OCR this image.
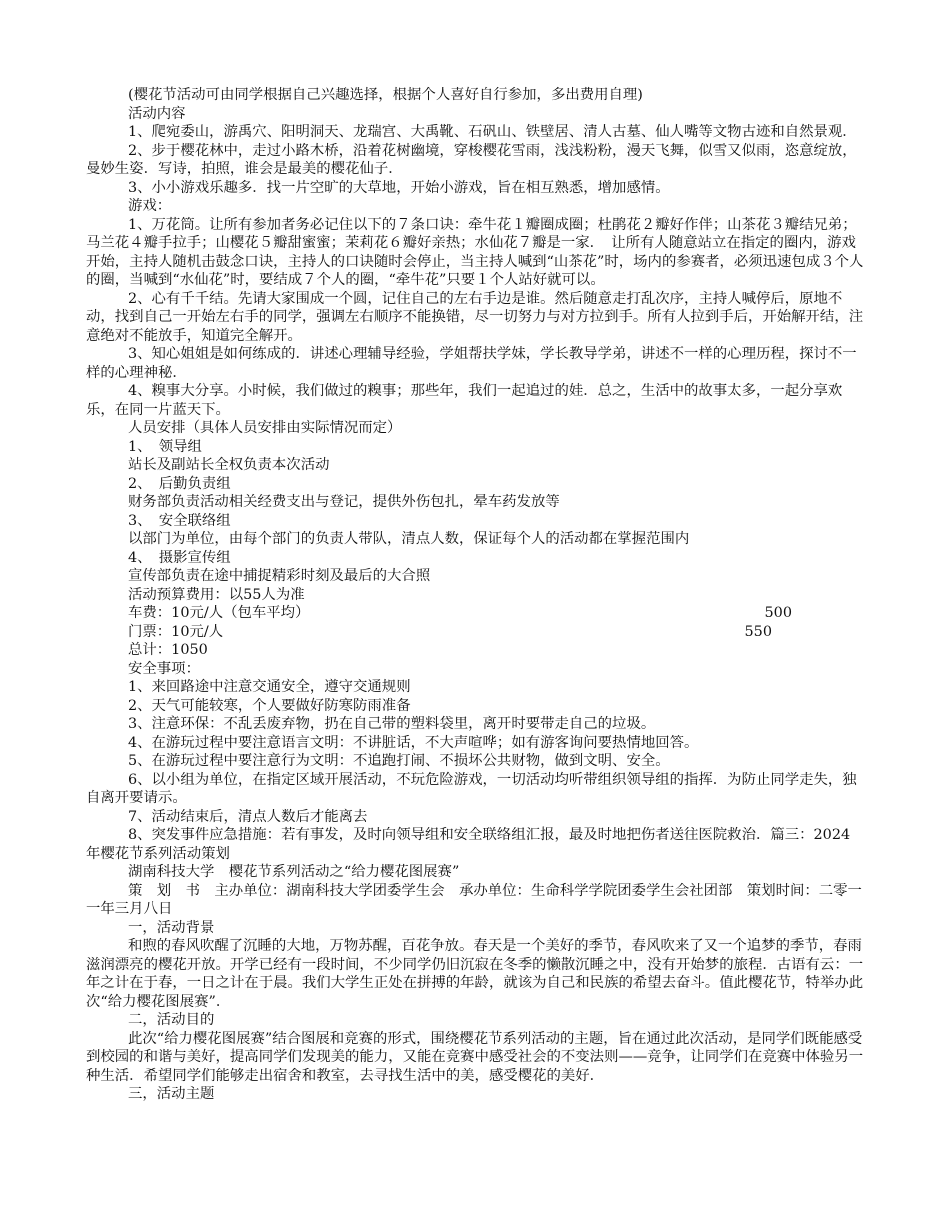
(樱花节活动可由同学根据自己兴趣选择，根据个人喜好自行参加，多出费用自理)

活动内容

1、爬宛委山，游禹穴、阳明洞天、龙瑞宫、大禹靴、石矾山、铁壁居、清人古墓、仙人嘴等文物古迹和自然景观．

2、步于樱花林中，走过小路木桥，沿着花树幽境，穿梭樱花雪雨，浅浅粉粉，漫天飞舞，似雪又似雨，恣意绽放，曼妙生姿．写诗，拍照，谁会是最美的樱花仙子．

3、小小游戏乐趣多．找一片空旷的大草地，开始小游戏，旨在相互熟悉，增加感情。

游戏：

1、万花筒。让所有参加者务必记住以下的７条口诀：牵牛花１瓣圈成圈；杜鹃花２瓣好作伴；山茶花３瓣结兄弟；马兰花４瓣手拉手；山樱花５瓣甜蜜蜜；茉莉花６瓣好亲热；水仙花７瓣是一家．　让所有人随意站立在指定的圈内，游戏开始，主持人随机击鼓念口诀，主持人的口诀随时会停止，当主持人喊到“山茶花”时，场内的参赛者，必须迅速包成３个人的圈，当喊到“水仙花”时，要结成７个人的圈，“牵牛花”只要１个人站好就可以。

2、心有千千结。先请大家围成一个圆，记住自己的左右手边是谁。然后随意走打乱次序，主持人喊停后，原地不动，找到自己一开始左右手的同学，强调左右顺序不能换错，尽一切努力与对方拉到手。所有人拉到手后，开始解开结，注意绝对不能放手，知道完全解开。

3、知心姐姐是如何练成的．讲述心理辅导经验，学姐帮扶学妹，学长教导学弟，讲述不一样的心理历程，探讨不一样的心理神秘．

4、糗事大分享。小时候，我们做过的糗事；那些年，我们一起追过的娃．总之，生活中的故事太多，一起分享欢乐，在同一片蓝天下。

人员安排（具体人员安排由实际情况而定）

1、　领导组

站长及副站长全权负责本次活动

2、　后勤负责组

财务部负责活动相关经费支出与登记，提供外伤包扎，晕车药发放等

3、　安全联络组

以部门为单位，由每个部门的负责人带队，清点人数，保证每个人的活动都在掌握范围内

4、　摄影宣传组

宣传部负责在途中捕捉精彩时刻及最后的大合照

活动预算费用：以55人为准

车费：10元/人（包车平均）	500
门票：10元/人	550

总计：1050

安全事项：

1、来回路途中注意交通安全，遵守交通规则

2、天气可能较寒，个人要做好防寒防雨准备

3、注意环保：不乱丢废弃物，扔在自己带的塑料袋里，离开时要带走自己的垃圾。

4、在游玩过程中要注意语言文明：不讲脏话，不大声喧哗；如有游客询问要热情地回答。

5、在游玩过程中要注意行为文明：不追跑打闹、不损坏公共财物，做到文明、安全。

6、以小组为单位，在指定区域开展活动，不玩危险游戏，一切活动均听带组织领导组的指挥．为防止同学走失，独自离开要请示。

7、活动结束后，清点人数后才能离去

8、突发事件应急措施：若有事发，及时向领导组和安全联络组汇报，最及时地把伤者送往医院救治．篇三：2024年樱花节系列活动策划

湖南科技大学　樱花节系列活动之“给力樱花图展赛”

策　划　书　主办单位：湖南科技大学团委学生会　承办单位：生命科学学院团委学生会社团部　策划时间：二零一一年三月八日

一，活动背景

和煦的春风吹醒了沉睡的大地，万物苏醒，百花争放。春天是一个美好的季节，春风吹来了又一个追梦的季节，春雨滋润漂亮的樱花开放。开学已经有一段时间，不少同学仍旧沉寂在冬季的懒散沉睡之中，没有开始梦的旅程．古语有云：一年之计在于春，一日之计在于晨。我们大学生正处在拼搏的年龄，就该为自己和民族的希望去奋斗。值此樱花节，特举办此次“给力樱花图展赛”．

二，活动目的

此次“给力樱花图展赛”结合图展和竞赛的形式，围绕樱花节系列活动的主题，旨在通过此次活动，是同学们既能感受到校园的和谐与美好，提高同学们发现美的能力，又能在竞赛中感受社会的不变法则——竞争，让同学们在竞赛中体验另一种生活．希望同学们能够走出宿舍和教室，去寻找生活中的美，感受樱花的美好．

三，活动主题
